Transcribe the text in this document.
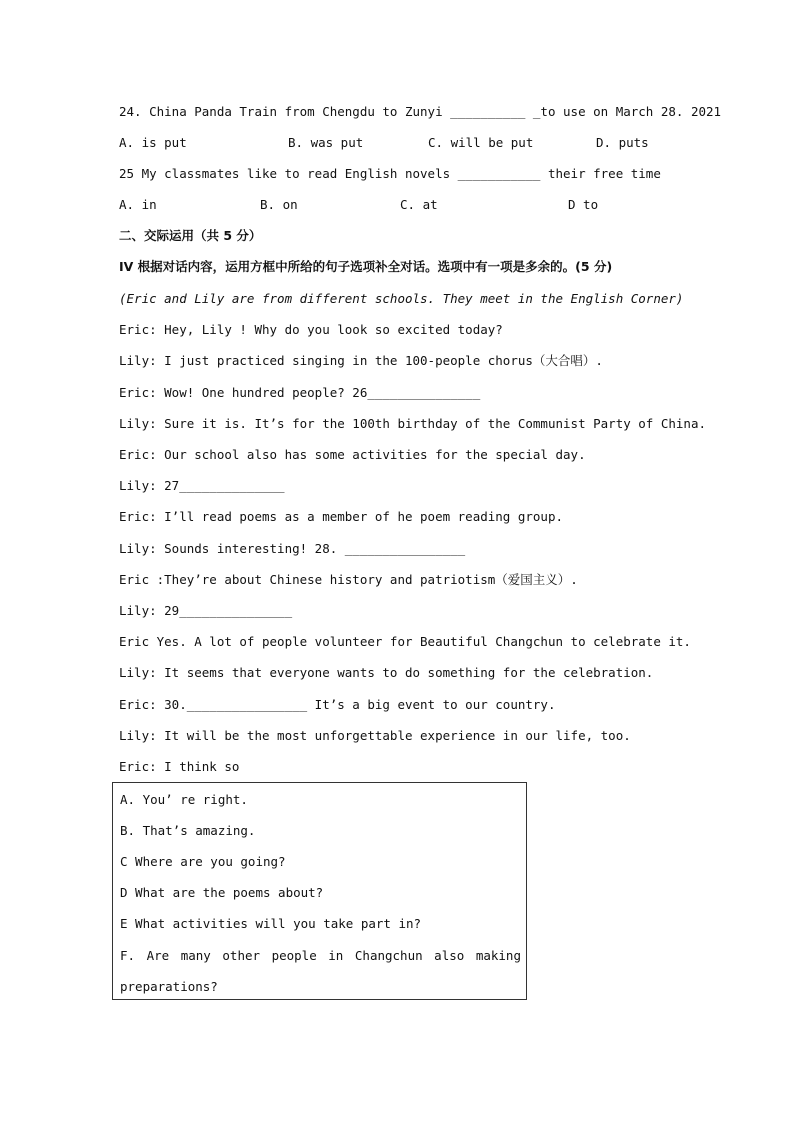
24. China Panda Train from Chengdu to Zunyi __________ _to use on March 28. 2021
A. is put	B. was put	C. will be put	D. puts
25 My classmates like to read English novels ___________ their free time
A. in	B. on	C. at	D to
二、交际运用（共 5 分）
IV 根据对话内容，运用方框中所给的句子选项补全对话。选项中有一项是多余的。(5 分)
(Eric and Lily are from different schools. They meet in the English Corner)
Eric: Hey, Lily ! Why do you look so excited today?
Lily: I just practiced singing in the 100-people chorus（大合唱）.
Eric: Wow! One hundred people? 26_______________
Lily: Sure it is. It’s for the 100th birthday of the Communist Party of China.
Eric: Our school also has some activities for the special day.
Lily: 27______________
Eric: I’ll read poems as a member of he poem reading group.
Lily: Sounds interesting! 28. ________________
Eric :They’re about Chinese history and patriotism（爱国主义）.
Lily: 29_______________
Eric Yes. A lot of people volunteer for Beautiful Changchun to celebrate it.
Lily: It seems that everyone wants to do something for the celebration.
Eric: 30.________________ It’s a big event to our country.
Lily: It will be the most unforgettable experience in our life, too.
Eric: I think so
A. You’ re right.
B. That’s amazing.
C Where are you going?
D What are the poems about?
E What activities will you take part in?
F. Are many other people in Changchun also making
preparations?
